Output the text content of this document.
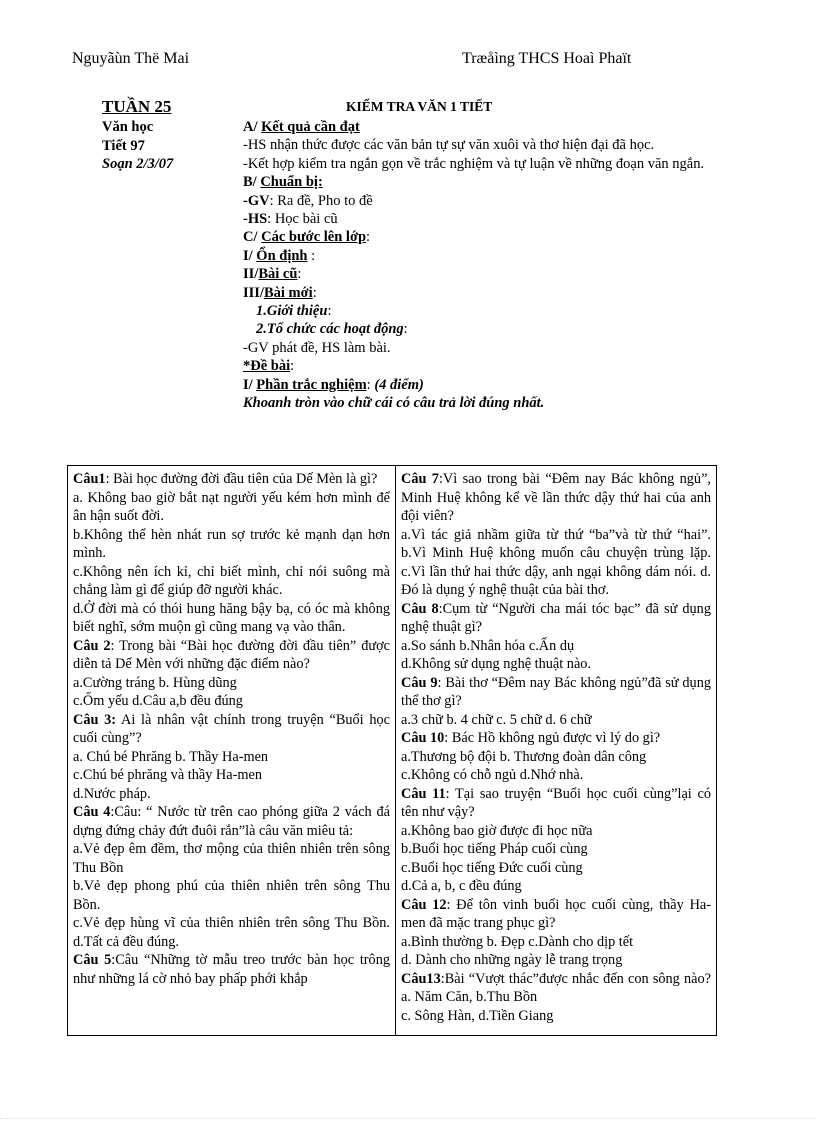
Nguyãùn Thë Mai	Træåìng THCS Hoaì Phaït
TUẦN 25
Văn học
Tiết 97
Soạn 2/3/07
KIỂM TRA VĂN 1 TIẾT

A/ Kết quả cần đạt

-HS nhận thức được các văn bản tự sự văn xuôi và thơ hiện đại đã học.

-Kết hợp kiểm tra ngắn gọn về trắc nghiệm và tự luận về những đoạn văn ngắn.

B/ Chuẩn bị:

-GV: Ra đề, Pho to đề

-HS: Học bài cũ

C/ Các bước lên lớp:

I/ Ổn định :

II/Bài cũ:

III/Bài mới:

1.Giới thiệu:

2.Tổ chức các hoạt động:

-GV phát đề, HS làm bài.

*Đề bài:

I/ Phần trắc nghiệm: (4 điểm)

Khoanh tròn vào chữ cái có câu trả lời đúng nhất.

Câu1: Bài học đường đời đầu tiên của Dế Mèn là gì?

a. Không bao giờ bắt nạt người yếu kém hơn mình để ân hận suốt đời.

b.Không thể hèn nhát run sợ trước kẻ mạnh dạn hơn mình.

c.Không nên ích kỉ, chỉ biết mình, chỉ nói suông mà chẳng làm gì để giúp đỡ người khác.

d.Ở đời mà có thói hung hăng bậy bạ, có óc mà không biết nghĩ, sớm muộn gì cũng mang vạ vào thân.

Câu 2: Trong bài “Bài học đường đời đầu tiên” được diễn tả Dế Mèn với những đặc điểm nào?

a.Cường tráng b. Hùng dũng

c.Ốm yếu d.Câu a,b đều đúng

Câu 3: Ai là nhân vật chính trong truyện “Buổi học cuối cùng”?

a. Chú bé Phrăng b. Thầy Ha-men

c.Chú bé phrăng và thầy Ha-men

d.Nước pháp.

Câu 4:Câu: “ Nước từ trên cao phóng giữa 2 vách đá dựng đứng chảy đứt đuôi rắn”là câu văn miêu tả:

a.Vẻ đẹp êm đềm, thơ mộng của thiên nhiên trên sông Thu Bồn

b.Vẻ đẹp phong phú của thiên nhiên trên sông Thu Bồn.

c.Vẻ đẹp hùng vĩ của thiên nhiên trên sông Thu Bồn. d.Tất cả đều đúng.

Câu 5:Câu “Những tờ mẫu treo trước bàn học trông như những lá cờ nhỏ bay phấp phới khắp

Câu 7:Vì sao trong bài “Đêm nay Bác không ngủ”, Minh Huệ không kể về lần thức dậy thứ hai của anh đội viên?

a.Vì tác giả nhầm giữa từ thứ “ba”và từ thứ “hai”. b.Vì Minh Huệ không muốn câu chuyện trùng lặp. c.Vì lần thứ hai thức dậy, anh ngại không dám nói. d. Đó là dụng ý nghệ thuật của bài thơ.

Câu 8:Cụm từ “Người cha mái tóc bạc” đã sử dụng nghệ thuật gì?

a.So sánh b.Nhân hóa c.Ẩn dụ

d.Không sử dụng nghệ thuật nào.

Câu 9: Bài thơ “Đêm nay Bác không ngủ”đã sử dụng thể thơ gì?

a.3 chữ b. 4 chữ c. 5 chữ d. 6 chữ

Câu 10: Bác Hồ không ngủ được vì lý do gì?

a.Thương bộ đội b. Thương đoàn dân công

c.Không có chỗ ngủ d.Nhớ nhà.

Câu 11: Tại sao truyện “Buổi học cuối cùng”lại có tên như vậy?

a.Không bao giờ được đi học nữa

b.Buổi học tiếng Pháp cuối cùng

c.Buổi học tiếng Đức cuối cùng

d.Cả a, b, c đều đúng

Câu 12: Để tôn vinh buổi học cuối cùng, thầy Ha-men đã mặc trang phục gì?

a.Bình thường b. Đẹp c.Dành cho dịp tết

d. Dành cho những ngày lễ trang trọng

Câu13:Bài “Vượt thác”được nhắc đến con sông nào? a. Năm Căn, b.Thu Bồn

c. Sông Hàn, d.Tiền Giang
